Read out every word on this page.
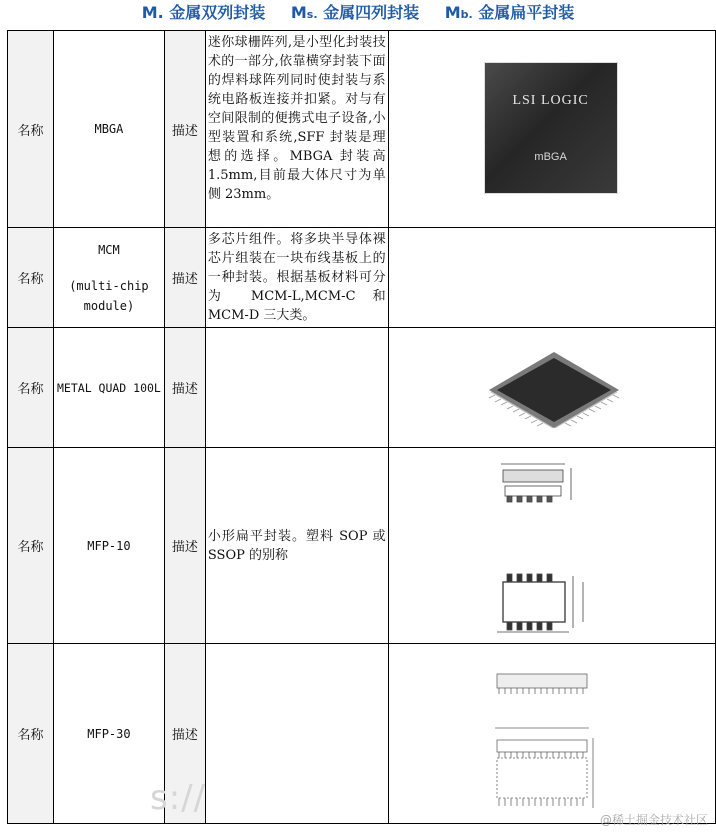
M. 金属双列封装 Ms. 金属四列封装 Mb. 金属扁平封装
名称	MBGA	描述	迷你球栅阵列,是小型化封装技术的一部分,依靠横穿封装下面的焊料球阵列同时使封装与系统电路板连接并扣紧。对与有空间限制的便携式电子设备,小型装置和系统,SFF 封装是理想的选择。MBGA 封装高 1.5mm,目前最大体尺寸为单侧 23mm。	LSI LOGIC
mBGA

名称	MCM
(multi-chip
module)	描述	多芯片组件。将多块半导体裸芯片组装在一块布线基板上的一种封装。根据基板材料可分为 MCM-L,MCM-C 和 MCM-D 三大类。	
名称	METAL QUAD 100L	描述		

名称	MFP-10	描述	小形扁平封装。塑料 SOP 或 SSOP 的别称	

名称	MFP-30	描述		
s://
@稀土掘金技术社区
